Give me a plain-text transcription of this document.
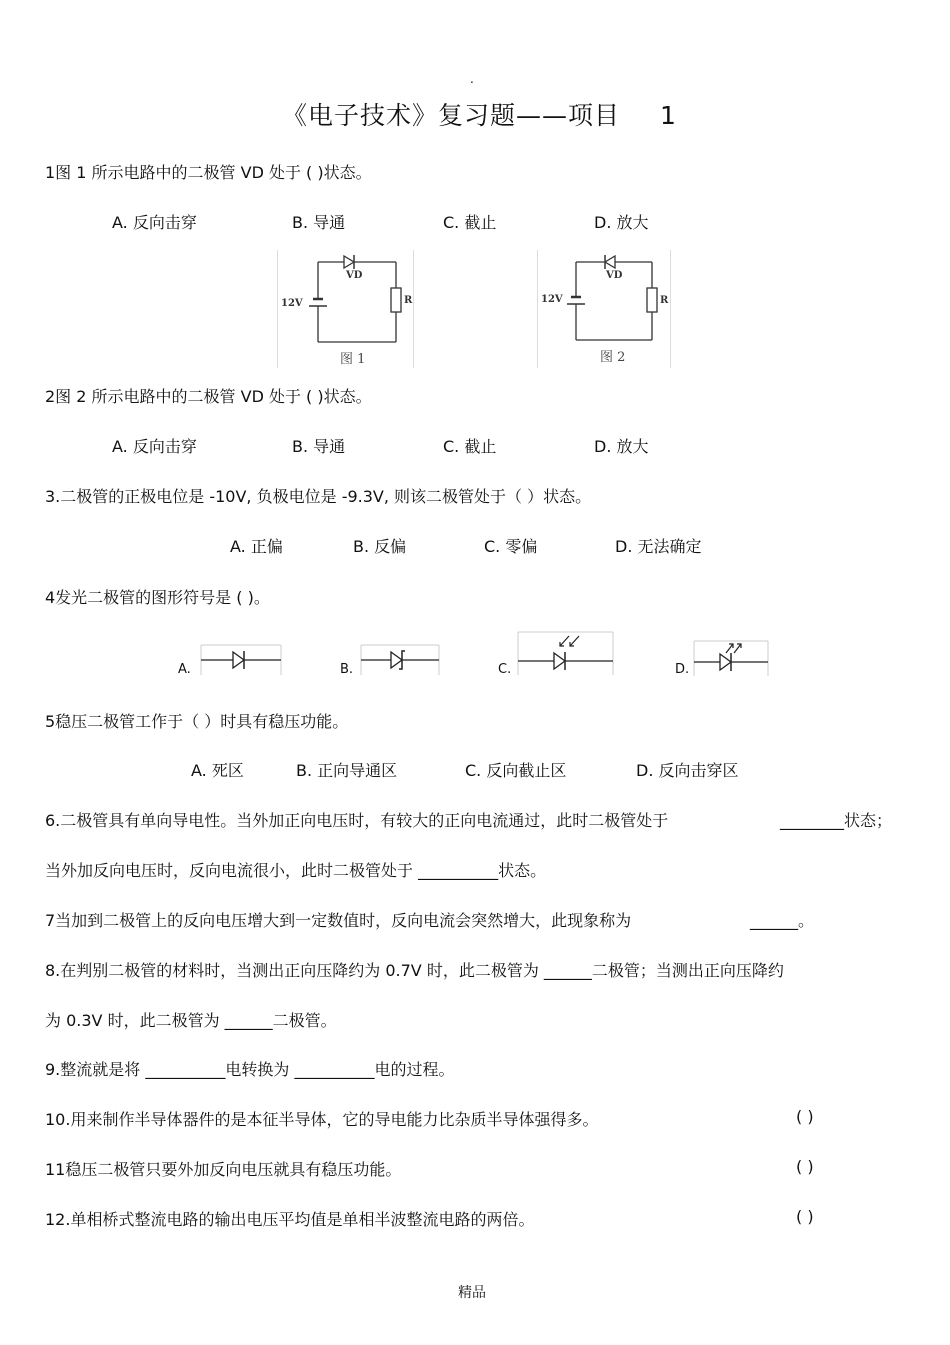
.
《电子技术》复习题——项目 1
1图 1 所示电路中的二极管 VD 处于 ( )状态。
A. 反向击穿	B. 导通	C. 截止	D. 放大
VD
12V	R
图 1
VD
12V	R
图 2
2图 2 所示电路中的二极管 VD 处于 ( )状态。
A. 反向击穿	B. 导通	C. 截止	D. 放大
3.二极管的正极电位是 -10V, 负极电位是 -9.3V, 则该二极管处于（ ）状态。
A. 正偏	B. 反偏	C. 零偏	D. 无法确定
4发光二极管的图形符号是 ( )。
A.	B.	C.	D.
5稳压二极管工作于（ ）时具有稳压功能。
A. 死区	B. 正向导通区	C. 反向截止区	D. 反向击穿区
6.二极管具有单向导电性。当外加正向电压时，有较大的正向电流通过，此时二极管处于	________状态；
当外加反向电压时，反向电流很小，此时二极管处于 __________状态。
7当加到二极管上的反向电压增大到一定数值时，反向电流会突然增大，此现象称为	______。
8.在判别二极管的材料时，当测出正向压降约为 0.7V 时，此二极管为 ______二极管；当测出正向压降约
为 0.3V 时，此二极管为 ______二极管。
9.整流就是将 __________电转换为 __________电的过程。
10.用来制作半导体器件的是本征半导体，它的导电能力比杂质半导体强得多。	( )
11稳压二极管只要外加反向电压就具有稳压功能。	( )
12.单相桥式整流电路的输出电压平均值是单相半波整流电路的两倍。	( )
精品
